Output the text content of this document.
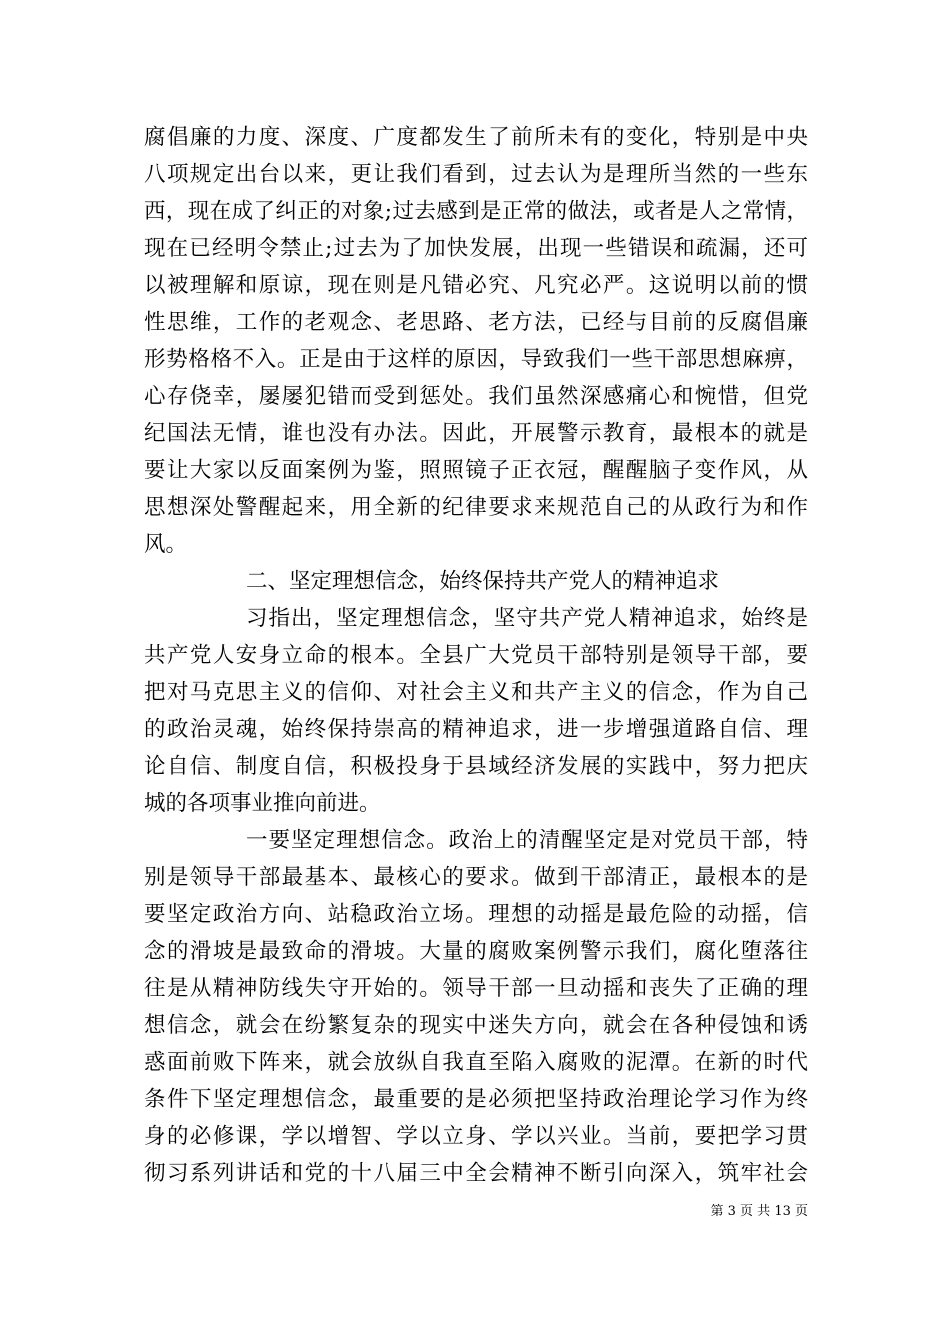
腐倡廉的力度、深度、广度都发生了前所未有的变化，特别是中央
八项规定出台以来，更让我们看到，过去认为是理所当然的一些东
西，现在成了纠正的对象;过去感到是正常的做法，或者是人之常情，
现在已经明令禁止;过去为了加快发展，出现一些错误和疏漏，还可
以被理解和原谅，现在则是凡错必究、凡究必严。这说明以前的惯
性思维，工作的老观念、老思路、老方法，已经与目前的反腐倡廉
形势格格不入。正是由于这样的原因，导致我们一些干部思想麻痹，
心存侥幸，屡屡犯错而受到惩处。我们虽然深感痛心和惋惜，但党
纪国法无情，谁也没有办法。因此，开展警示教育，最根本的就是
要让大家以反面案例为鉴，照照镜子正衣冠，醒醒脑子变作风，从
思想深处警醒起来，用全新的纪律要求来规范自己的从政行为和作
风。
二、坚定理想信念，始终保持共产党人的精神追求
习指出，坚定理想信念，坚守共产党人精神追求，始终是
共产党人安身立命的根本。全县广大党员干部特别是领导干部，要
把对马克思主义的信仰、对社会主义和共产主义的信念，作为自己
的政治灵魂，始终保持崇高的精神追求，进一步增强道路自信、理
论自信、制度自信，积极投身于县域经济发展的实践中，努力把庆
城的各项事业推向前进。
一要坚定理想信念。政治上的清醒坚定是对党员干部，特
别是领导干部最基本、最核心的要求。做到干部清正，最根本的是
要坚定政治方向、站稳政治立场。理想的动摇是最危险的动摇，信
念的滑坡是最致命的滑坡。大量的腐败案例警示我们，腐化堕落往
往是从精神防线失守开始的。领导干部一旦动摇和丧失了正确的理
想信念，就会在纷繁复杂的现实中迷失方向，就会在各种侵蚀和诱
惑面前败下阵来，就会放纵自我直至陷入腐败的泥潭。在新的时代
条件下坚定理想信念，最重要的是必须把坚持政治理论学习作为终
身的必修课，学以增智、学以立身、学以兴业。当前，要把学习贯
彻习系列讲话和党的十八届三中全会精神不断引向深入，筑牢社会
第 3 页 共 13 页
